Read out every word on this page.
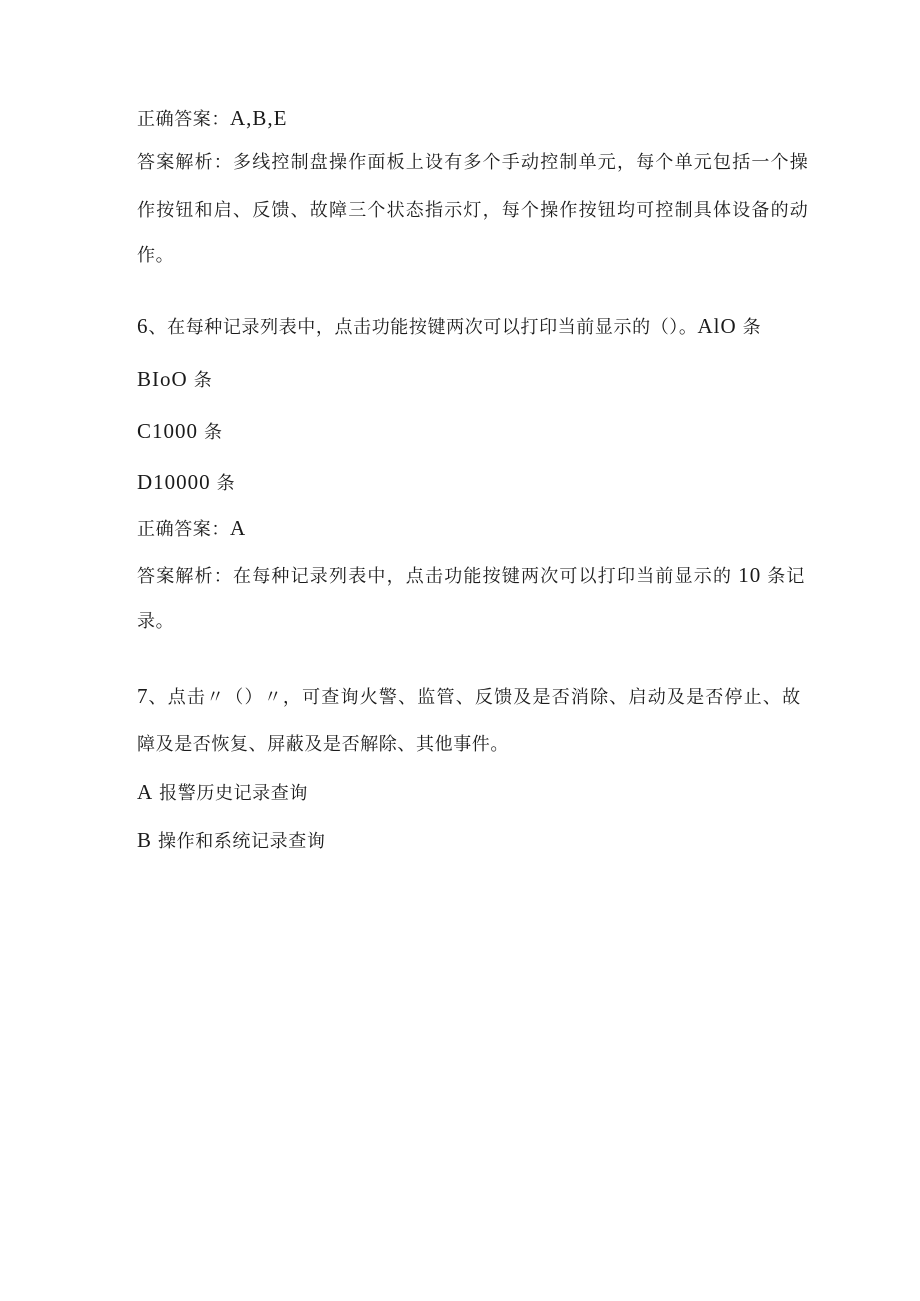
正确答案：A,B,E
答案解析：多线控制盘操作面板上设有多个手动控制单元，每个单元包括一个操
作按钮和启、反馈、故障三个状态指示灯，每个操作按钮均可控制具体设备的动
作。
6、在每种记录列表中，点击功能按键两次可以打印当前显示的（）。AlO 条
BIoO 条
C1000 条
D10000 条
正确答案：A
答案解析：在每种记录列表中，点击功能按键两次可以打印当前显示的 10 条记
录。
7、点击〃（）〃，可查询火警、监管、反馈及是否消除、启动及是否停止、故
障及是否恢复、屏蔽及是否解除、其他事件。
A 报警历史记录查询
B 操作和系统记录查询
